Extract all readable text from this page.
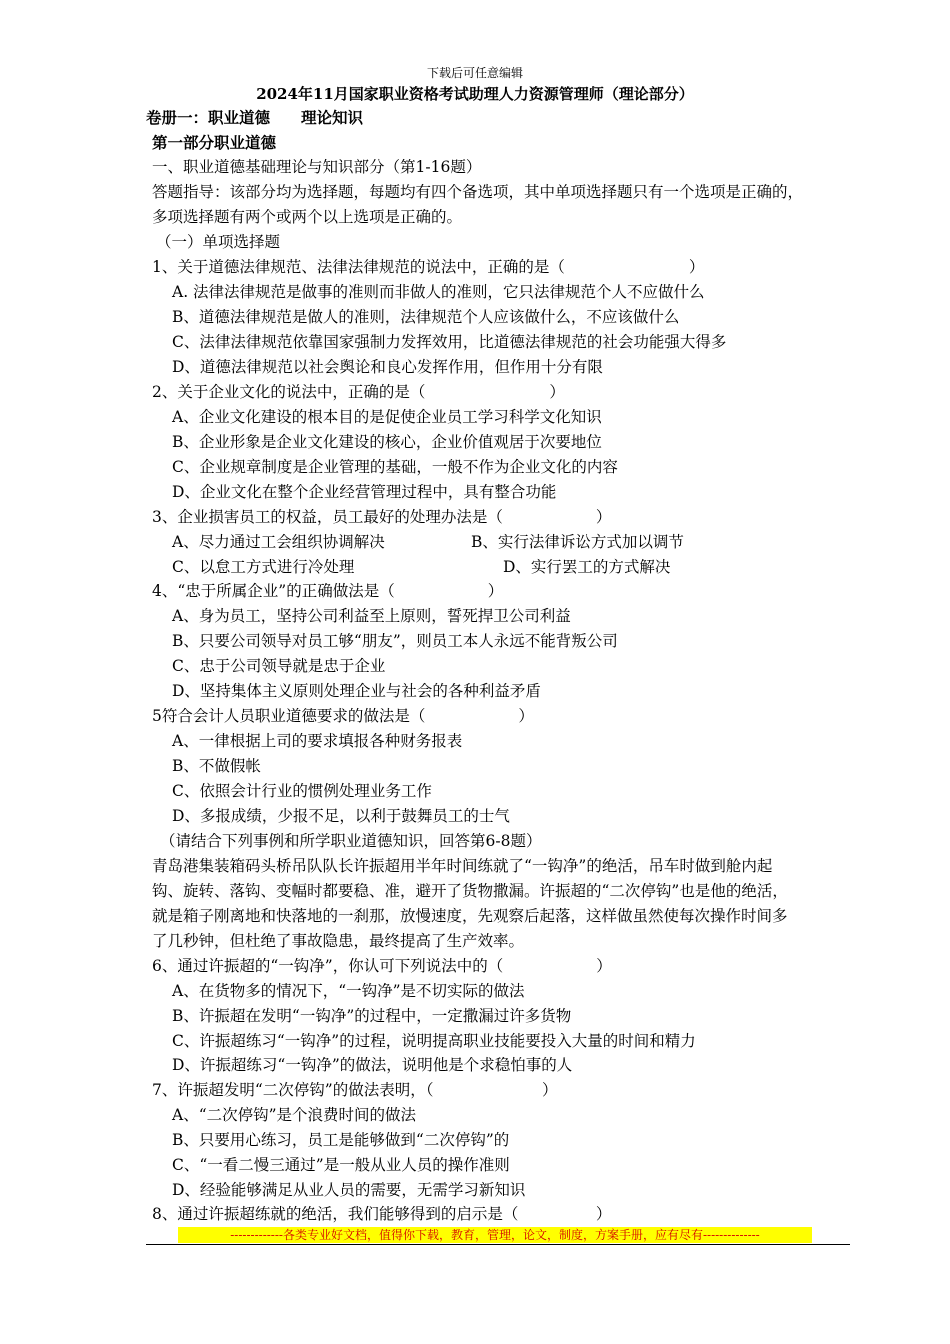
下载后可任意编辑
2024年11月国家职业资格考试助理人力资源管理师（理论部分）
卷册一：职业道德　　理论知识
第一部分职业道德
一、职业道德基础理论与知识部分（第1-16题）
答题指导：该部分均为选择题，每题均有四个备选项，其中单项选择题只有一个选项是正确的，
多项选择题有两个或两个以上选项是正确的。
（一）单项选择题
1、关于道德法律规范、法律法律规范的说法中，正确的是（　　　　　　　　）
A. 法律法律规范是做事的准则而非做人的准则，它只法律规范个人不应做什么
B、道德法律规范是做人的准则，法律规范个人应该做什么，不应该做什么
C、法律法律规范依靠国家强制力发挥效用，比道德法律规范的社会功能强大得多
D、道德法律规范以社会舆论和良心发挥作用，但作用十分有限
2、关于企业文化的说法中，正确的是（　　　　　　　　）
A、企业文化建设的根本目的是促使企业员工学习科学文化知识
B、企业形象是企业文化建设的核心，企业价值观居于次要地位
C、企业规章制度是企业管理的基础，一般不作为企业文化的内容
D、企业文化在整个企业经营管理过程中，具有整合功能
3、企业损害员工的权益，员工最好的处理办法是（　　　　　　）
A、尽力通过工会组织协调解决	B、实行法律诉讼方式加以调节
C、以怠工方式进行冷处理	D、实行罢工的方式解决
4、“忠于所属企业”的正确做法是（　　　　　　）
A、身为员工，坚持公司利益至上原则，誓死捍卫公司利益
B、只要公司领导对员工够“朋友”，则员工本人永远不能背叛公司
C、忠于公司领导就是忠于企业
D、坚持集体主义原则处理企业与社会的各种利益矛盾
5符合会计人员职业道德要求的做法是（　　　　　　）
A、一律根据上司的要求填报各种财务报表
B、不做假帐
C、依照会计行业的惯例处理业务工作
D、多报成绩，少报不足，以利于鼓舞员工的士气
（请结合下列事例和所学职业道德知识，回答第6-8题）
青岛港集装箱码头桥吊队队长许振超用半年时间练就了“一钩净”的绝活，吊车时做到舱内起
钩、旋转、落钩、变幅时都要稳、准，避开了货物撒漏。许振超的“二次停钩”也是他的绝活，
就是箱子刚离地和快落地的一刹那，放慢速度，先观察后起落，这样做虽然使每次操作时间多
了几秒钟，但杜绝了事故隐患，最终提高了生产效率。
6、通过许振超的“一钩净”，你认可下列说法中的（　　　　　　）
A、在货物多的情况下，“一钩净”是不切实际的做法
B、许振超在发明“一钩净”的过程中，一定撒漏过许多货物
C、许振超练习“一钩净”的过程，说明提高职业技能要投入大量的时间和精力
D、许振超练习“一钩净”的做法，说明他是个求稳怕事的人
7、许振超发明“二次停钩”的做法表明，（　　　　　　　）
A、“二次停钩”是个浪费时间的做法
B、只要用心练习，员工是能够做到“二次停钩”的
C、“一看二慢三通过”是一般从业人员的操作准则
D、经验能够满足从业人员的需要，无需学习新知识
8、通过许振超练就的绝活，我们能够得到的启示是（　　　　　）
-------------各类专业好文档，值得你下载，教育，管理，论文，制度，方案手册，应有尽有--------------
